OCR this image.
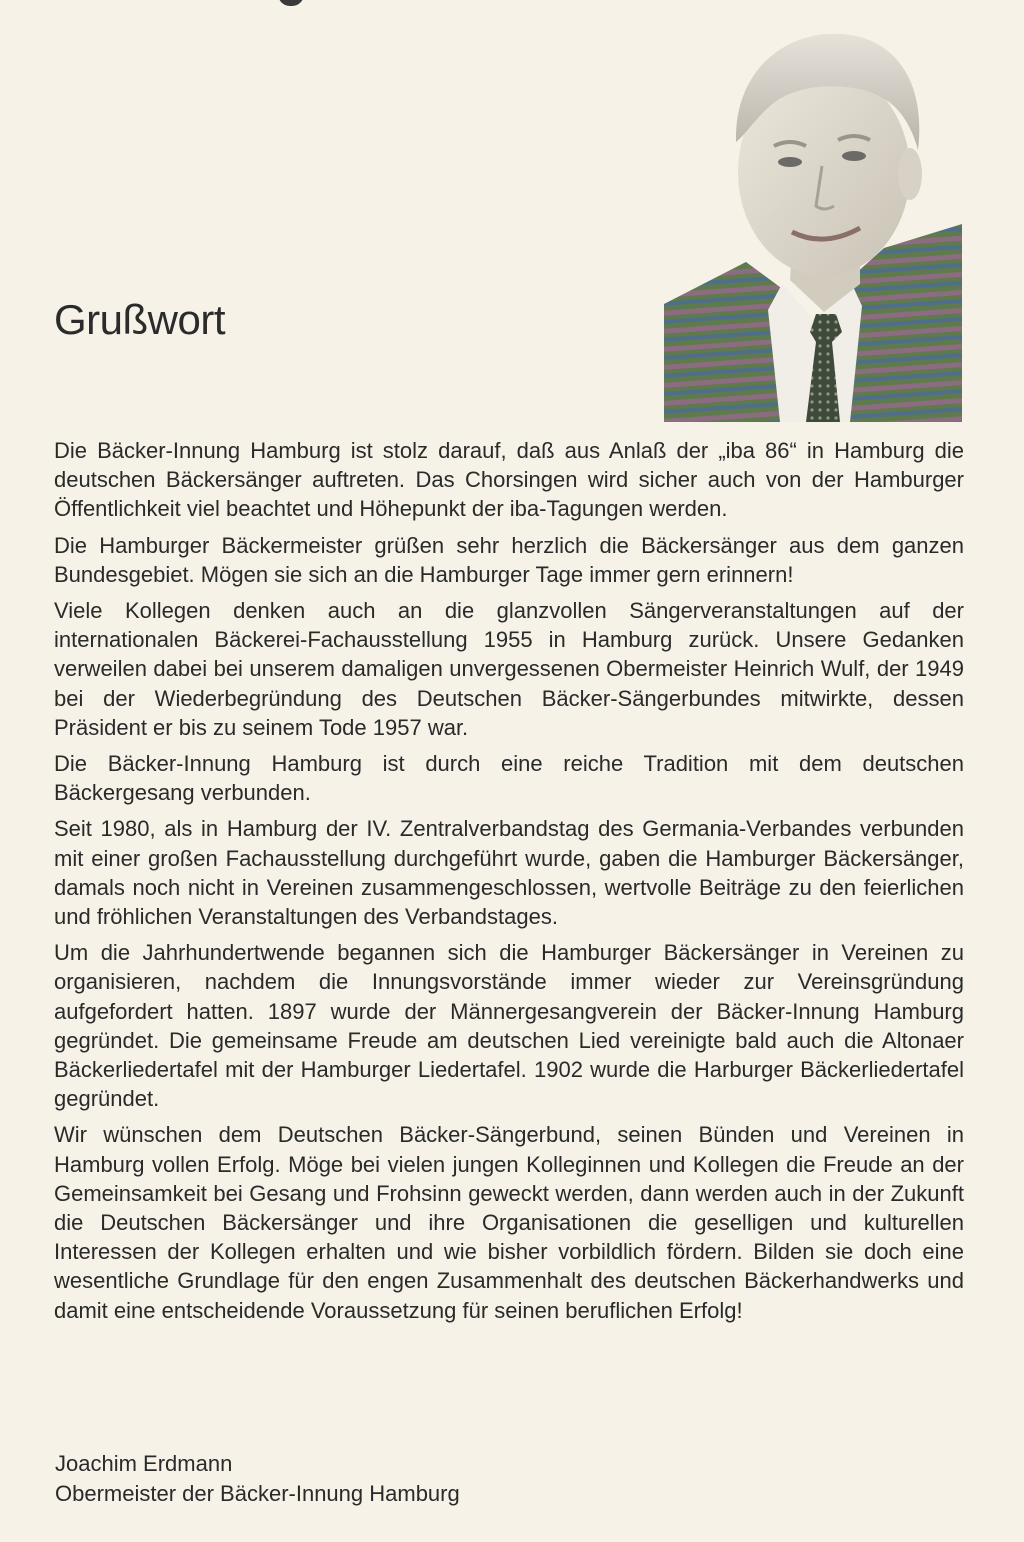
Grußwort

Die Bäcker-Innung Hamburg ist stolz darauf, daß aus Anlaß der „iba 86“ in Hamburg die deutschen Bäckersänger auftreten. Das Chorsingen wird sicher auch von der Hamburger Öffentlichkeit viel beachtet und Höhepunkt der iba-Tagungen werden.

Die Hamburger Bäckermeister grüßen sehr herzlich die Bäckersänger aus dem ganzen Bundesgebiet. Mögen sie sich an die Hamburger Tage immer gern erinnern!

Viele Kollegen denken auch an die glanzvollen Sängerveranstaltungen auf der internationalen Bäckerei-Fachausstellung 1955 in Hamburg zurück. Unsere Gedanken verweilen dabei bei unserem damaligen unvergessenen Obermeister Heinrich Wulf, der 1949 bei der Wiederbegründung des Deutschen Bäcker-Sängerbundes mitwirkte, dessen Präsident er bis zu seinem Tode 1957 war.

Die Bäcker-Innung Hamburg ist durch eine reiche Tradition mit dem deutschen Bäckergesang verbunden.

Seit 1980, als in Hamburg der IV. Zentralverbandstag des Germania-Verbandes verbunden mit einer großen Fachausstellung durchgeführt wurde, gaben die Hamburger Bäckersänger, damals noch nicht in Vereinen zusammengeschlossen, wertvolle Beiträge zu den feierlichen und fröhlichen Veranstaltungen des Verbandstages.

Um die Jahrhundertwende begannen sich die Hamburger Bäckersänger in Vereinen zu organisieren, nachdem die Innungsvorstände immer wieder zur Vereinsgründung aufgefordert hatten. 1897 wurde der Männergesangverein der Bäcker-Innung Hamburg gegründet. Die gemeinsame Freude am deutschen Lied vereinigte bald auch die Altonaer Bäckerliedertafel mit der Hamburger Liedertafel. 1902 wurde die Harburger Bäckerliedertafel gegründet.

Wir wünschen dem Deutschen Bäcker-Sängerbund, seinen Bünden und Vereinen in Hamburg vollen Erfolg. Möge bei vielen jungen Kolleginnen und Kollegen die Freude an der Gemeinsamkeit bei Gesang und Frohsinn geweckt werden, dann werden auch in der Zukunft die Deutschen Bäckersänger und ihre Organisationen die geselligen und kulturellen Interessen der Kollegen erhalten und wie bisher vorbildlich fördern. Bilden sie doch eine wesentliche Grundlage für den engen Zusammenhalt des deutschen Bäckerhandwerks und damit eine entscheidende Voraussetzung für seinen beruflichen Erfolg!

Joachim Erdmann
Obermeister der Bäcker-Innung Hamburg
